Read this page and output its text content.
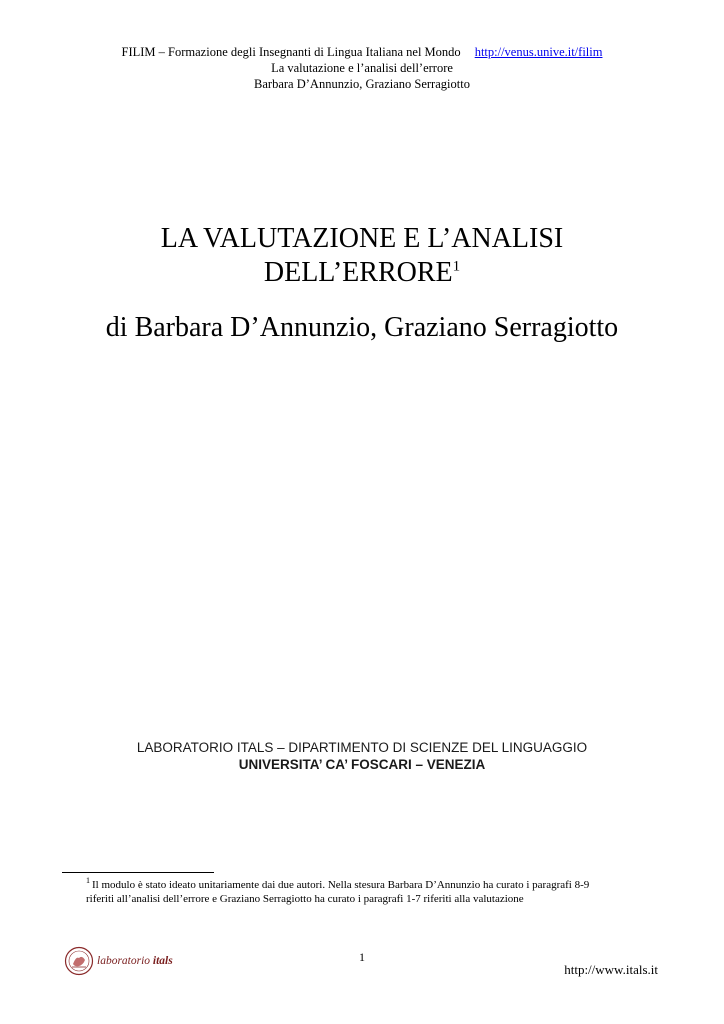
FILIM – Formazione degli Insegnanti di Lingua Italiana nel Mondo http://venus.unive.it/filim
La valutazione e l’analisi dell’errore
Barbara D’Annunzio, Graziano Serragiotto
LA VALUTAZIONE E L’ANALISI
DELL’ERRORE$^1$
di Barbara D’Annunzio, Graziano Serragiotto
LABORATORIO ITALS – DIPARTIMENTO DI SCIENZE DEL LINGUAGGIO
UNIVERSITA’ CA’ FOSCARI – VENEZIA
$^1$ Il modulo è stato ideato unitariamente dai due autori. Nella stesura Barbara D’Annunzio ha curato i paragrafi 8-9 riferiti all’analisi dell’errore e Graziano Serragiotto ha curato i paragrafi 1-7 riferiti alla valutazione
1
laboratorio itals
http://www.itals.it
